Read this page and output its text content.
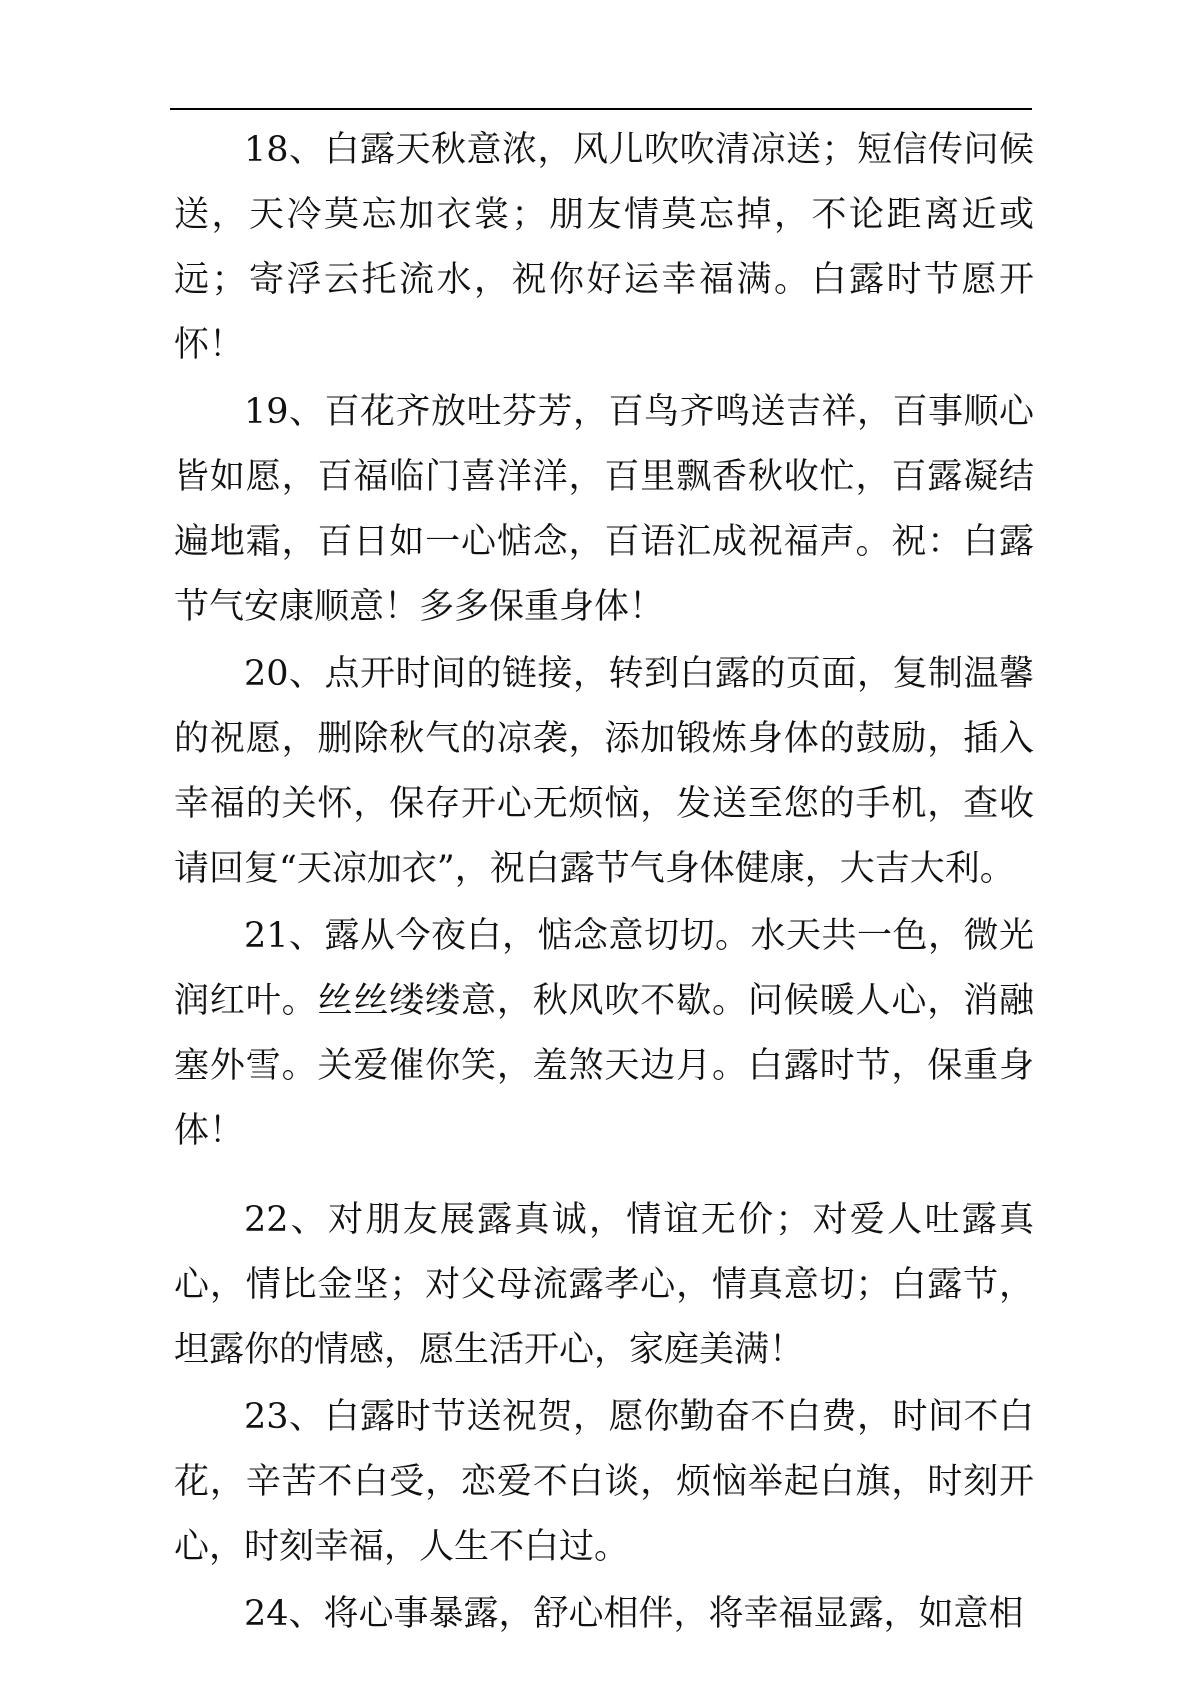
18、白露天秋意浓，风儿吹吹清凉送；短信传问候送，天冷莫忘加衣裳；朋友情莫忘掉，不论距离近或远；寄浮云托流水，祝你好运幸福满。白露时节愿开怀！

19、百花齐放吐芬芳，百鸟齐鸣送吉祥，百事顺心皆如愿，百福临门喜洋洋，百里飘香秋收忙，百露凝结遍地霜，百日如一心惦念，百语汇成祝福声。祝：白露节气安康顺意！多多保重身体！

20、点开时间的链接，转到白露的页面，复制温馨的祝愿，删除秋气的凉袭，添加锻炼身体的鼓励，插入幸福的关怀，保存开心无烦恼，发送至您的手机，查收请回复“天凉加衣”，祝白露节气身体健康，大吉大利。

21、露从今夜白，惦念意切切。水天共一色，微光润红叶。丝丝缕缕意，秋风吹不歇。问候暖人心，消融塞外雪。关爱催你笑，羞煞天边月。白露时节，保重身体！

22、对朋友展露真诚，情谊无价；对爱人吐露真心，情比金坚；对父母流露孝心，情真意切；白露节，坦露你的情感，愿生活开心，家庭美满！

23、白露时节送祝贺，愿你勤奋不白费，时间不白花，辛苦不白受，恋爱不白谈，烦恼举起白旗，时刻开心，时刻幸福，人生不白过。

24、将心事暴露，舒心相伴，将幸福显露，如意相
